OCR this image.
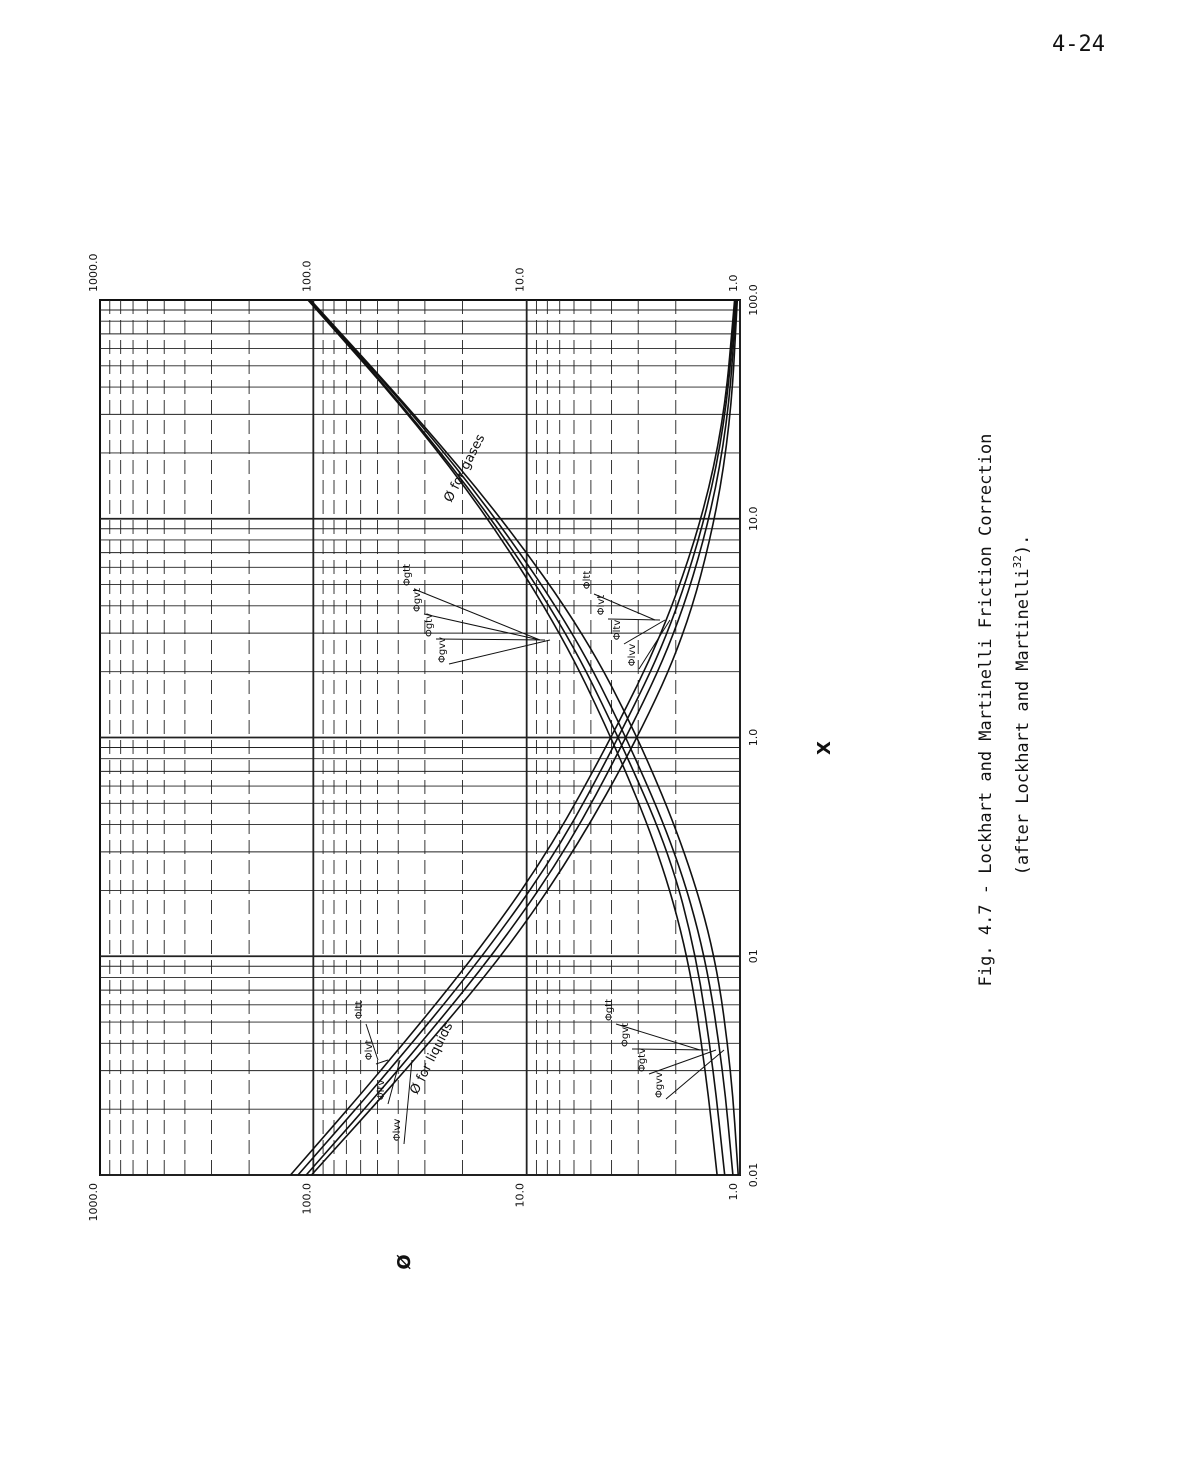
4-24
0.01
01
1.0
10.0
100.0
1000.0	100.0	10.0	1.0
1000.0	100.0	10.0	1.0
X
Ø
Ø for gases
Ø for liquids
Φltt
Φlvt
Φltv
Φlvv
Φgtt
Φgvt
Φgtv
Φgvv
Φltt
Φlvt
Φltv
Φlvv
Φgtt
Φgvt
Φgtv
Φgvv
Fig. 4.7 - Lockhart and Martinelli Friction Correction (after Lockhart and Martinelli$^{32}$).
